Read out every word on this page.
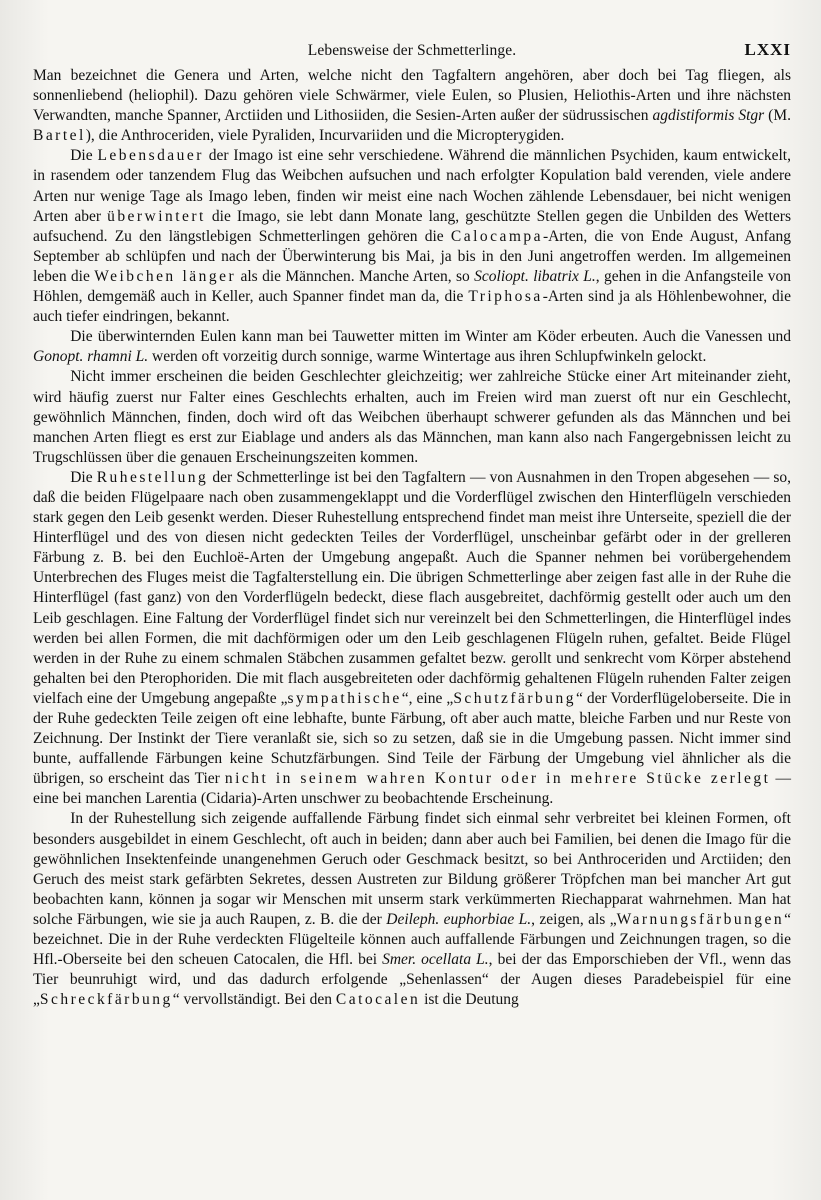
Lebensweise der Schmetterlinge.	LXXI

Man bezeichnet die Genera und Arten, welche nicht den Tagfaltern angehören, aber doch bei Tag fliegen, als sonnenliebend (heliophil). Dazu gehören viele Schwärmer, viele Eulen, so Plusien, Heliothis-Arten und ihre nächsten Verwandten, manche Spanner, Arctiiden und Lithosiiden, die Sesien-Arten außer der südrussischen agdistiformis Stgr (M. Bartel), die Anthroceriden, viele Pyraliden, Incurvariiden und die Micropterygiden.

Die Lebensdauer der Imago ist eine sehr verschiedene. Während die männlichen Psychiden, kaum entwickelt, in rasendem oder tanzendem Flug das Weibchen aufsuchen und nach erfolgter Kopulation bald verenden, viele andere Arten nur wenige Tage als Imago leben, finden wir meist eine nach Wochen zählende Lebensdauer, bei nicht wenigen Arten aber überwintert die Imago, sie lebt dann Monate lang, geschützte Stellen gegen die Unbilden des Wetters aufsuchend. Zu den längstlebigen Schmetterlingen gehören die Calocampa-Arten, die von Ende August, Anfang September ab schlüpfen und nach der Überwinterung bis Mai, ja bis in den Juni angetroffen werden. Im allgemeinen leben die Weibchen länger als die Männchen. Manche Arten, so Scoliopt. libatrix L., gehen in die Anfangsteile von Höhlen, demgemäß auch in Keller, auch Spanner findet man da, die Triphosa-Arten sind ja als Höhlenbewohner, die auch tiefer eindringen, bekannt.

Die überwinternden Eulen kann man bei Tauwetter mitten im Winter am Köder erbeuten. Auch die Vanessen und Gonopt. rhamni L. werden oft vorzeitig durch sonnige, warme Wintertage aus ihren Schlupfwinkeln gelockt.

Nicht immer erscheinen die beiden Geschlechter gleichzeitig; wer zahlreiche Stücke einer Art miteinander zieht, wird häufig zuerst nur Falter eines Geschlechts erhalten, auch im Freien wird man zuerst oft nur ein Geschlecht, gewöhnlich Männchen, finden, doch wird oft das Weibchen überhaupt schwerer gefunden als das Männchen und bei manchen Arten fliegt es erst zur Eiablage und anders als das Männchen, man kann also nach Fangergebnissen leicht zu Trugschlüssen über die genauen Erscheinungszeiten kommen.

Die Ruhestellung der Schmetterlinge ist bei den Tagfaltern — von Ausnahmen in den Tropen abgesehen — so, daß die beiden Flügelpaare nach oben zusammengeklappt und die Vorderflügel zwischen den Hinterflügeln verschieden stark gegen den Leib gesenkt werden. Dieser Ruhestellung entsprechend findet man meist ihre Unterseite, speziell die der Hinterflügel und des von diesen nicht gedeckten Teiles der Vorderflügel, unscheinbar gefärbt oder in der grelleren Färbung z. B. bei den Euchloë-Arten der Umgebung angepaßt. Auch die Spanner nehmen bei vorübergehendem Unterbrechen des Fluges meist die Tagfalterstellung ein. Die übrigen Schmetterlinge aber zeigen fast alle in der Ruhe die Hinterflügel (fast ganz) von den Vorderflügeln bedeckt, diese flach ausgebreitet, dachförmig gestellt oder auch um den Leib geschlagen. Eine Faltung der Vorderflügel findet sich nur vereinzelt bei den Schmetterlingen, die Hinterflügel indes werden bei allen Formen, die mit dachförmigen oder um den Leib geschlagenen Flügeln ruhen, gefaltet. Beide Flügel werden in der Ruhe zu einem schmalen Stäbchen zusammen gefaltet bezw. gerollt und senkrecht vom Körper abstehend gehalten bei den Pterophoriden. Die mit flach ausgebreiteten oder dachförmig gehaltenen Flügeln ruhenden Falter zeigen vielfach eine der Umgebung angepaßte „sympathische“, eine „Schutzfärbung“ der Vorderflügeloberseite. Die in der Ruhe gedeckten Teile zeigen oft eine lebhafte, bunte Färbung, oft aber auch matte, bleiche Farben und nur Reste von Zeichnung. Der Instinkt der Tiere veranlaßt sie, sich so zu setzen, daß sie in die Umgebung passen. Nicht immer sind bunte, auffallende Färbungen keine Schutzfärbungen. Sind Teile der Färbung der Umgebung viel ähnlicher als die übrigen, so erscheint das Tier nicht in seinem wahren Kontur oder in mehrere Stücke zerlegt — eine bei manchen Larentia (Cidaria)-Arten unschwer zu beobachtende Erscheinung.

In der Ruhestellung sich zeigende auffallende Färbung findet sich einmal sehr verbreitet bei kleinen Formen, oft besonders ausgebildet in einem Geschlecht, oft auch in beiden; dann aber auch bei Familien, bei denen die Imago für die gewöhnlichen Insektenfeinde unangenehmen Geruch oder Geschmack besitzt, so bei Anthroceriden und Arctiiden; den Geruch des meist stark gefärbten Sekretes, dessen Austreten zur Bildung größerer Tröpfchen man bei mancher Art gut beobachten kann, können ja sogar wir Menschen mit unserm stark verkümmerten Riechapparat wahrnehmen. Man hat solche Färbungen, wie sie ja auch Raupen, z. B. die der Deileph. euphorbiae L., zeigen, als „Warnungsfärbungen“ bezeichnet. Die in der Ruhe verdeckten Flügelteile können auch auffallende Färbungen und Zeichnungen tragen, so die Hfl.-Oberseite bei den scheuen Catocalen, die Hfl. bei Smer. ocellata L., bei der das Emporschieben der Vfl., wenn das Tier beunruhigt wird, und das dadurch erfolgende „Sehenlassen“ der Augen dieses Paradebeispiel für eine „Schreckfärbung“ vervollständigt. Bei den Catocalen ist die Deutung
